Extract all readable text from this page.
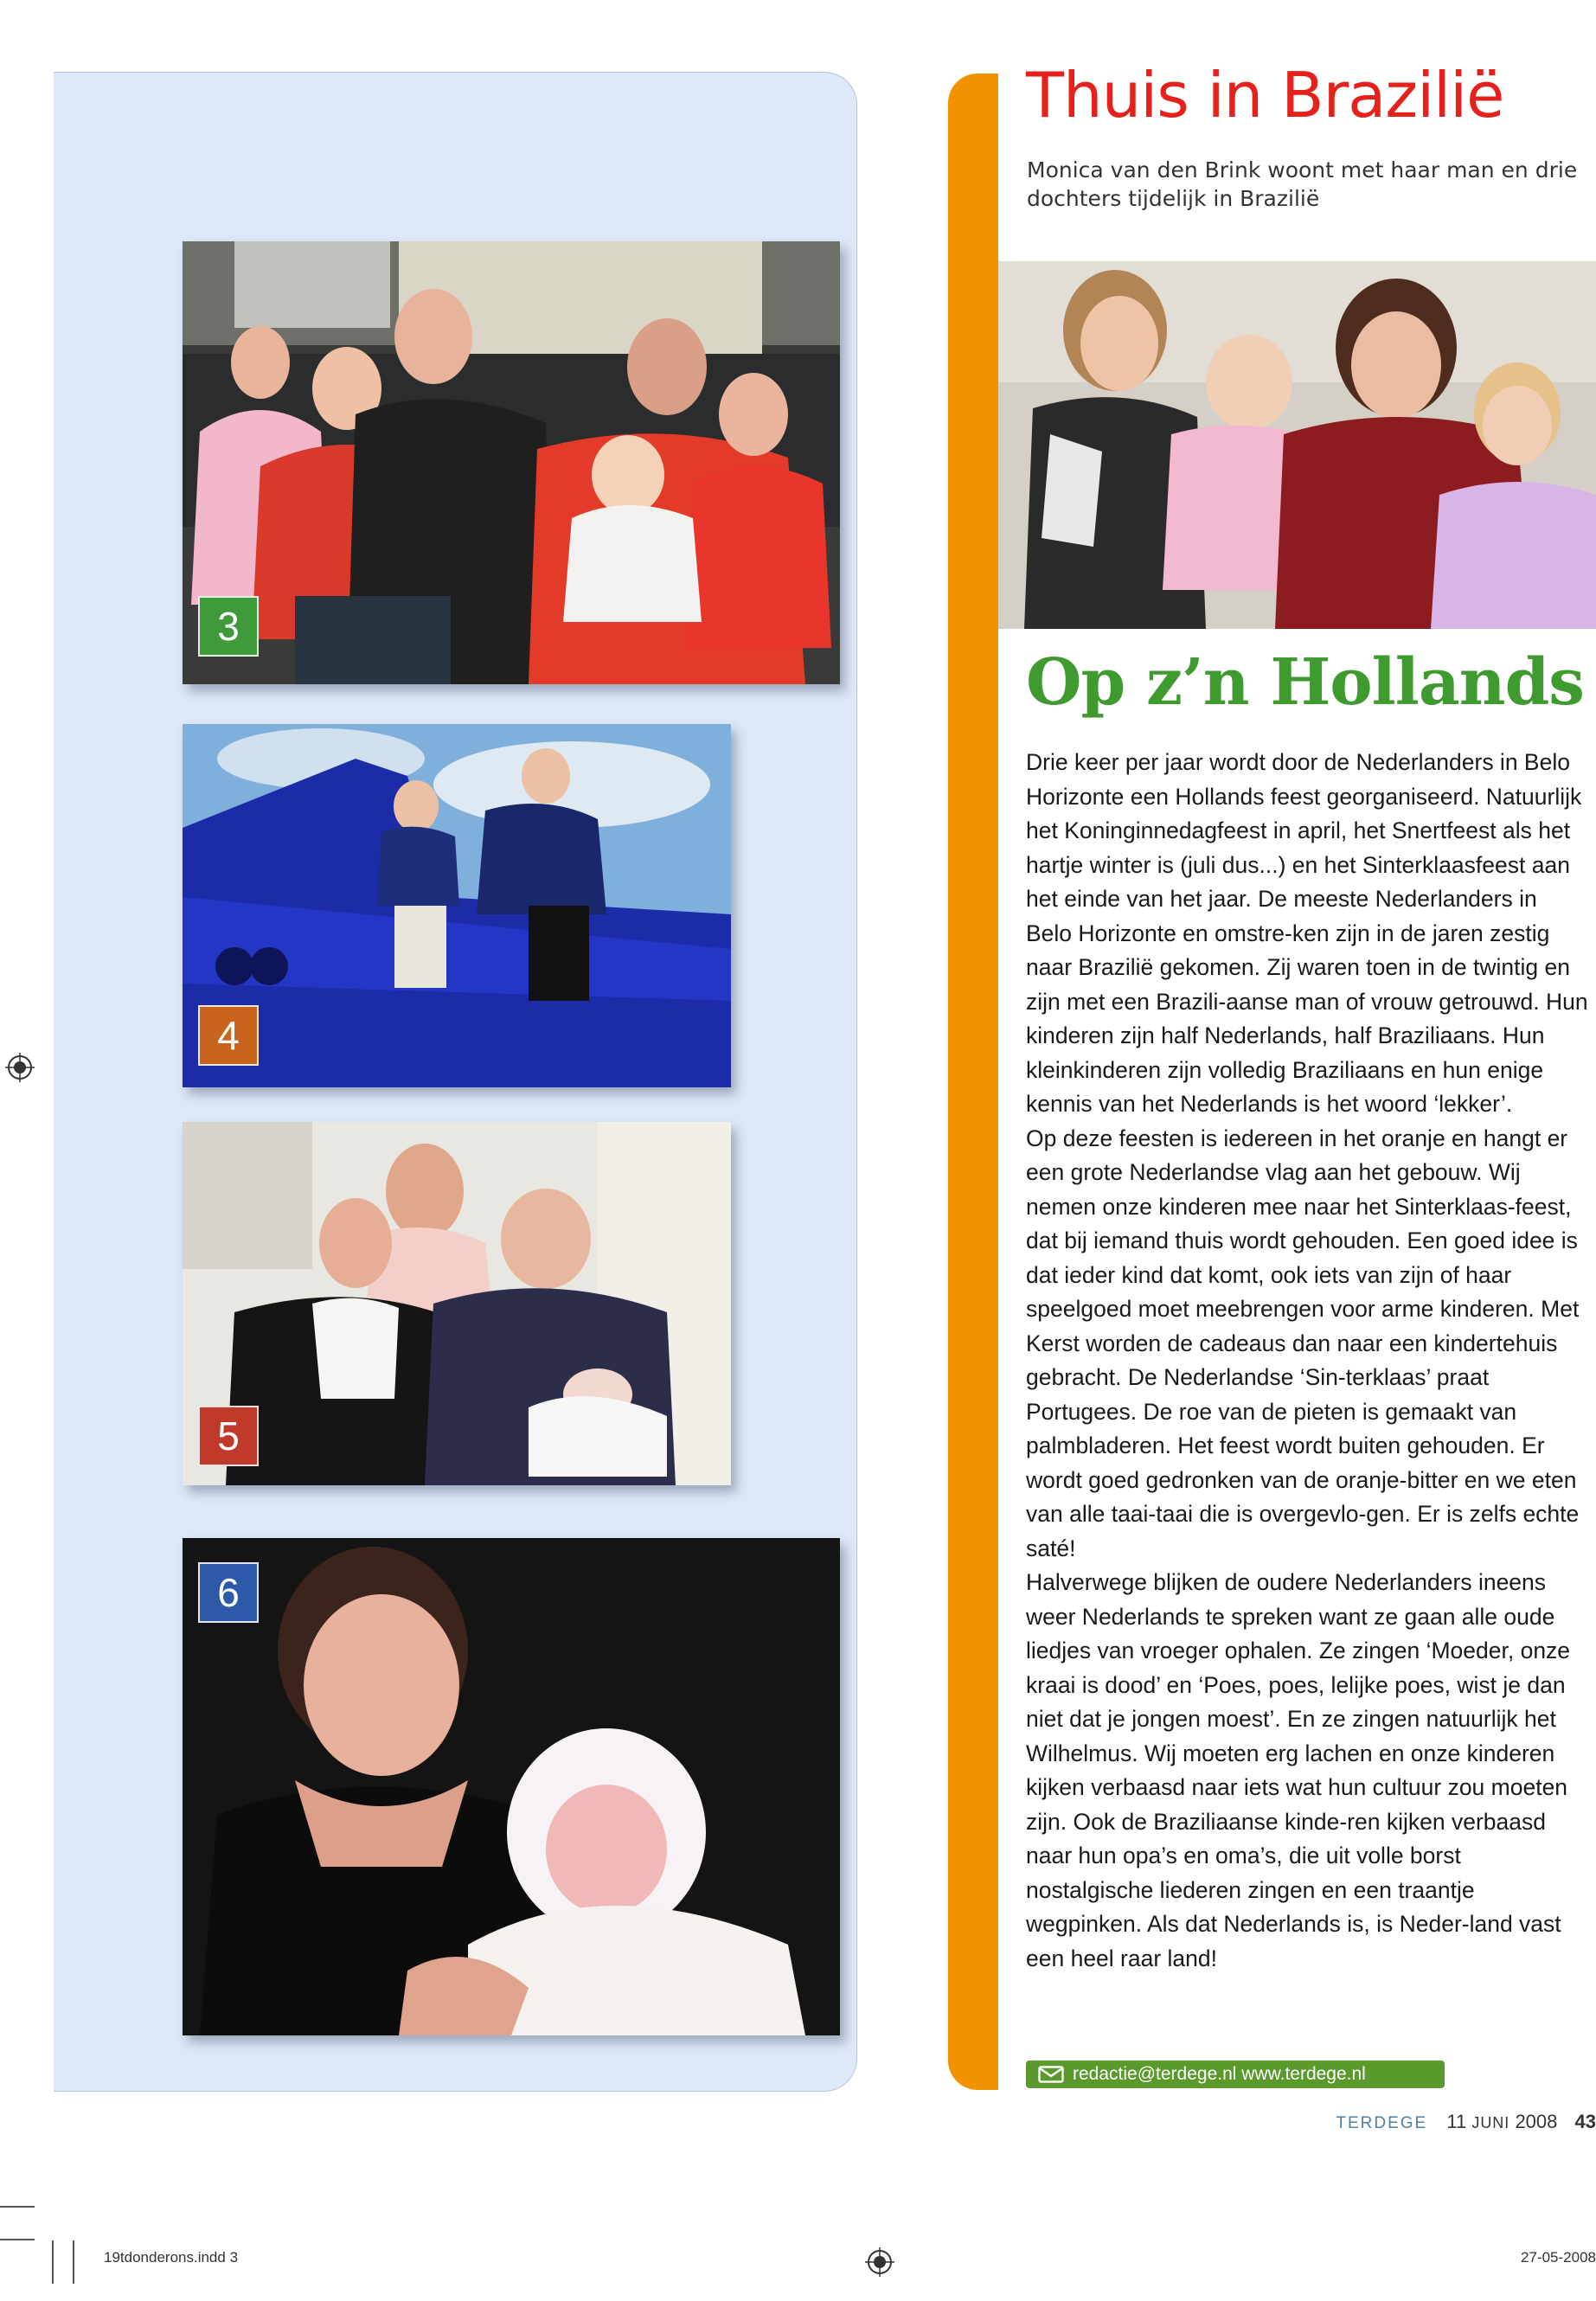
3
4
5
6
Thuis in Brazilië

Monica van den Brink woont met haar man en drie dochters tijdelijk in Brazilië

Op z’n Hollands

Drie keer per jaar wordt door de Nederlanders in Belo Horizonte een Hollands feest georganiseerd. Natuurlijk het Koninginnedagfeest in april, het Snertfeest als het hartje winter is (juli dus...) en het Sinterklaasfeest aan het einde van het jaar. De meeste Nederlanders in Belo Horizonte en omstre-ken zijn in de jaren zestig naar Brazilië gekomen. Zij waren toen in de twintig en zijn met een Brazili-aanse man of vrouw getrouwd. Hun kinderen zijn half Nederlands, half Braziliaans. Hun kleinkinderen zijn volledig Braziliaans en hun enige kennis van het Nederlands is het woord ‘lekker’.

Op deze feesten is iedereen in het oranje en hangt er een grote Nederlandse vlag aan het gebouw. Wij nemen onze kinderen mee naar het Sinterklaas-feest, dat bij iemand thuis wordt gehouden. Een goed idee is dat ieder kind dat komt, ook iets van zijn of haar speelgoed moet meebrengen voor arme kinderen. Met Kerst worden de cadeaus dan naar een kindertehuis gebracht. De Nederlandse ‘Sin-terklaas’ praat Portugees. De roe van de pieten is gemaakt van palmbladeren. Het feest wordt buiten gehouden. Er wordt goed gedronken van de oranje-bitter en we eten van alle taai-taai die is overgevlo-gen. Er is zelfs echte saté!

Halverwege blijken de oudere Nederlanders ineens weer Nederlands te spreken want ze gaan alle oude liedjes van vroeger ophalen. Ze zingen ‘Moeder, onze kraai is dood’ en ‘Poes, poes, lelijke poes, wist je dan niet dat je jongen moest’. En ze zingen natuurlijk het Wilhelmus. Wij moeten erg lachen en onze kinderen kijken verbaasd naar iets wat hun cultuur zou moeten zijn. Ook de Braziliaanse kinde-ren kijken verbaasd naar hun opa’s en oma’s, die uit volle borst nostalgische liederen zingen en een traantje wegpinken. Als dat Nederlands is, is Neder-land vast een heel raar land!

redactie@terdege.nl www.terdege.nl
TERDEGE 11 JUNI 2008 43
19tdonderons.indd 3	27-05-2008
